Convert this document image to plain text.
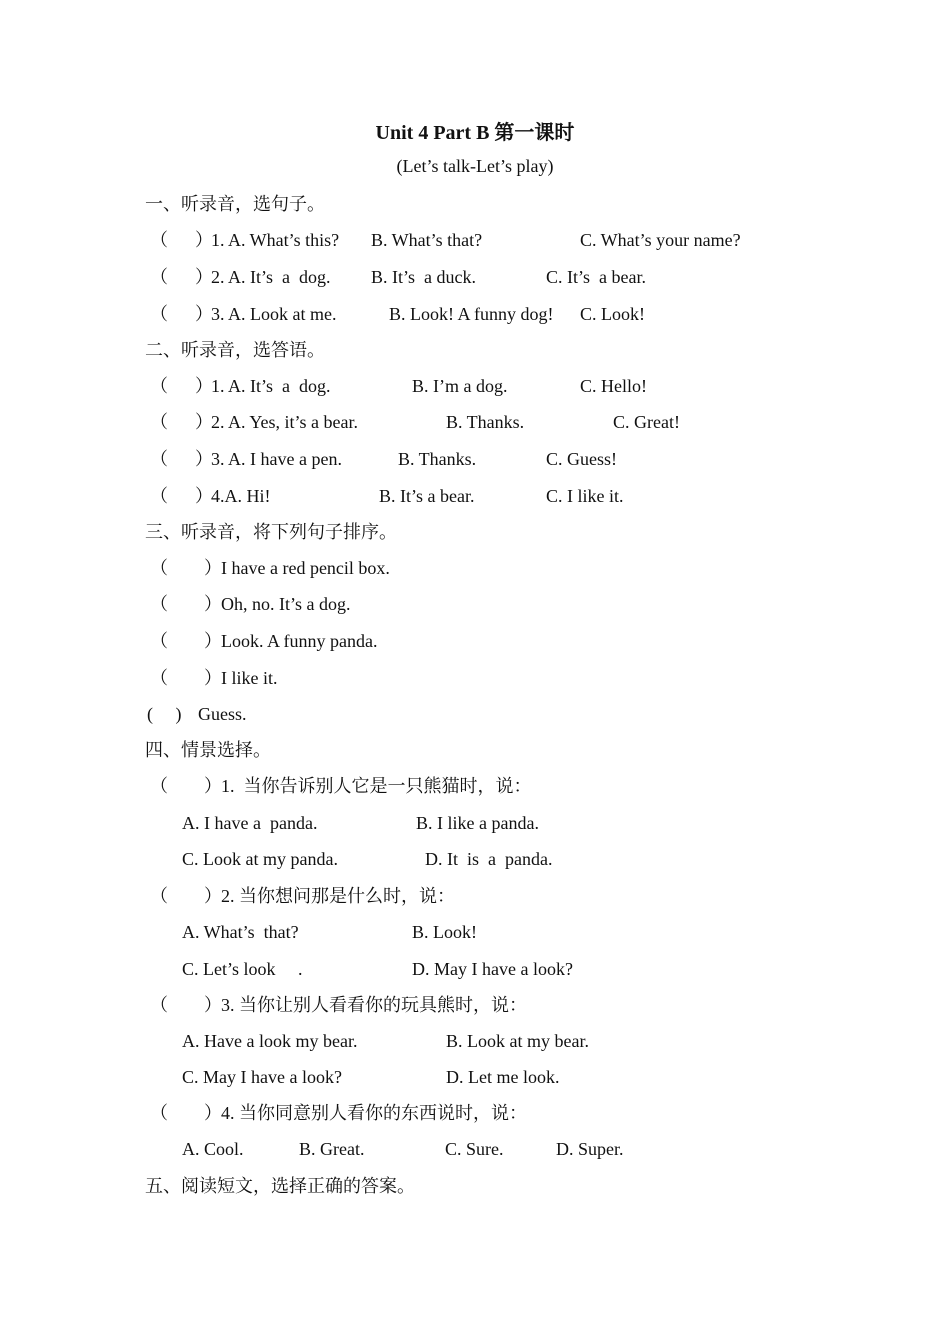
Unit 4 Part B 第一课时
(Let’s talk-Let’s play)
一、听录音，选句子。
（      ）
1. A. What’s this? B. What’s that?	C. What’s your name?
（      ）
2. A. It’s  a  dog. B. It’s  a duck.	C. It’s  a bear.
（      ）
3. A. Look at me.	B. Look! A funny dog! C. Look!
二、听录音，选答语。
（      ）
1. A. It’s  a  dog.	B. I’m a dog.	C. Hello!
（      ）
2. A. Yes, it’s a bear.	B. Thanks.	C. Great!
（      ）
3. A. I have a pen.	B. Thanks.	C. Guess!
（      ）
4.A. Hi!	B. It’s a bear.	C. I like it.
三、听录音，将下列句子排序。
（        ） I have a red pencil box.
（        ） Oh, no. It’s a dog.
（        ） Look. A funny panda.
（        ） I like it.
(     ) Guess.
四、情景选择。
（        ） 1.  当你告诉别人它是一只熊猫时，说：
A. I have a  panda.	B. I like a panda.
C. Look at my panda.	D. It  is  a  panda.
（        ） 2. 当你想问那是什么时，说：
A. What’s  that?	B. Look!
C. Let’s look     .	D. May I have a look?
（        ） 3. 当你让别人看看你的玩具熊时，说：
A. Have a look my bear.	B. Look at my bear.
C. May I have a look?	D. Let me look.
（        ） 4. 当你同意别人看你的东西说时，说：
A. Cool.	B. Great.	C. Sure.	D. Super.
五、阅读短文，选择正确的答案。
